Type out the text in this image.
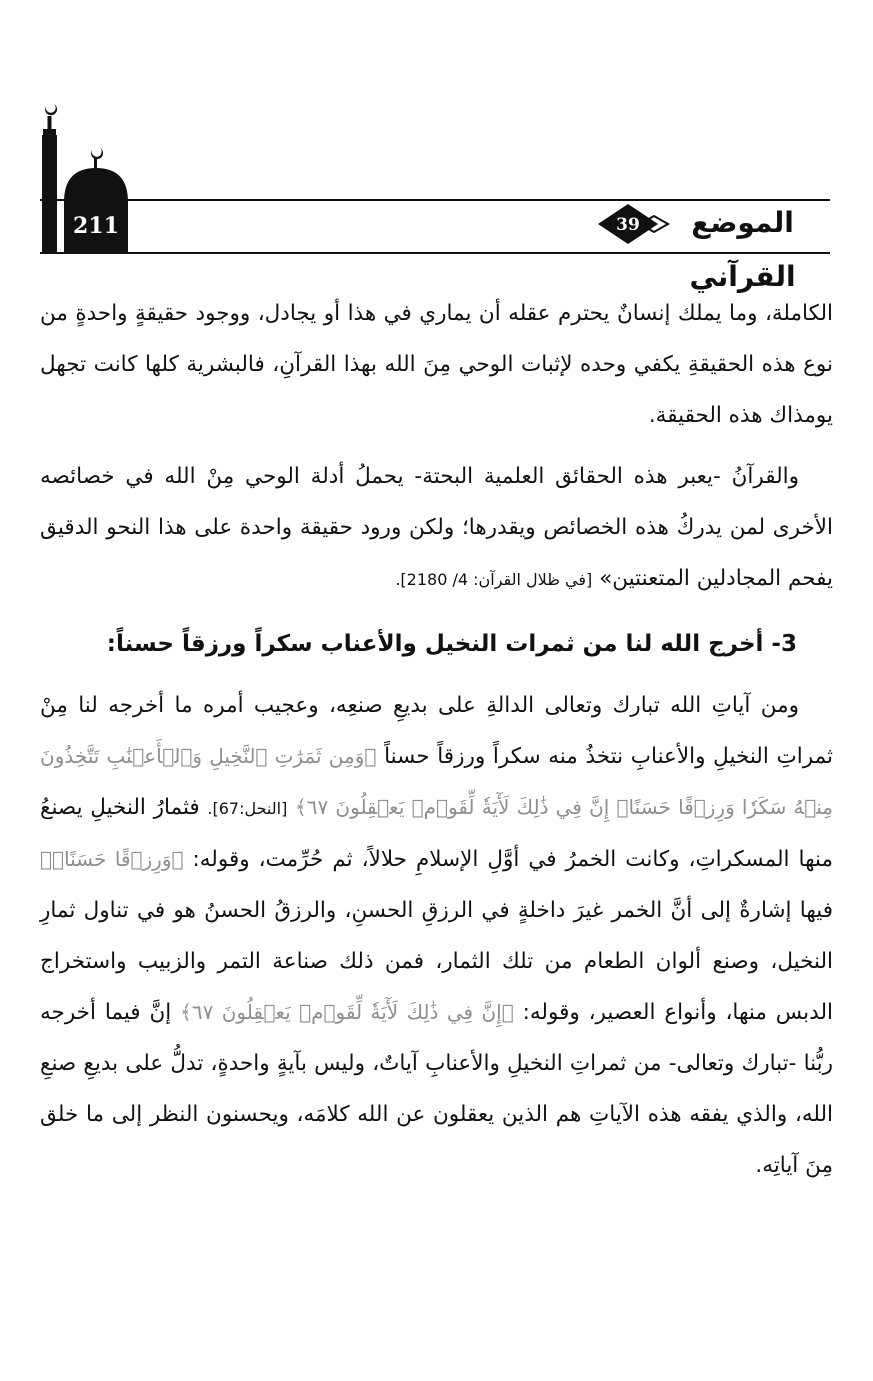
211	39	الموضع القرآني

الكاملة، وما يملك إنسانٌ يحترم عقله أن يماري في هذا أو يجادل، ووجود حقيقةٍ واحدةٍ من نوع هذه الحقيقةِ يكفي وحده لإثبات الوحي مِنَ الله بهذا القرآنِ، فالبشرية كلها كانت تجهل يومذاك هذه الحقيقة.

والقرآنُ -يعبر هذه الحقائق العلمية البحتة- يحملُ أدلة الوحي مِنْ الله في خصائصه الأخرى لمن يدركُ هذه الخصائص ويقدرها؛ ولكن ورود حقيقة واحدة على هذا النحو الدقيق يفحم المجادلين المتعنتين» [في ظلال القرآن: 4/ 2180].

3- أخرج الله لنا من ثمرات النخيل والأعناب سكراً ورزقاً حسناً:

ومن آياتِ الله تبارك وتعالى الدالةِ على بديعِ صنعِه، وعجيب أمره ما أخرجه لنا مِنْ ثمراتِ النخيلِ والأعنابِ نتخذُ منه سكراً ورزقاً حسناً ﴿وَمِن ثَمَرَٰتِ ٱلنَّخِيلِ وَٱلۡأَعۡنَٰبِ تَتَّخِذُونَ مِنۡهُ سَكَرٗا وَرِزۡقًا حَسَنًاۚ إِنَّ فِي ذَٰلِكَ لَأٓيَةٗ لِّقَوۡمٖ يَعۡقِلُونَ ٦٧﴾ [النحل:67]. فثمارُ النخيلِ يصنعُ منها المسكراتِ، وكانت الخمرُ في أوَّلِ الإسلامِ حلالاً، ثم حُرِّمت، وقوله: ﴿وَرِزۡقًا حَسَنًاۚ﴾ فيها إشارةٌ إلى أنَّ الخمر غيرَ داخلةٍ في الرزقِ الحسنِ، والرزقُ الحسنُ هو في تناول ثمارِ النخيل، وصنع ألوان الطعام من تلك الثمار، فمن ذلك صناعة التمر والزبيب واستخراج الدبس منها، وأنواع العصير، وقوله: ﴿إِنَّ فِي ذَٰلِكَ لَأٓيَةٗ لِّقَوۡمٖ يَعۡقِلُونَ ٦٧﴾ إنَّ فيما أخرجه ربُّنا -تبارك وتعالى- من ثمراتِ النخيلِ والأعنابِ آياتٌ، وليس بآيةٍ واحدةٍ، تدلُّ على بديعِ صنعِ الله، والذي يفقه هذه الآياتِ هم الذين يعقلون عن الله كلامَه، ويحسنون النظر إلى ما خلق مِنَ آياتِه.
